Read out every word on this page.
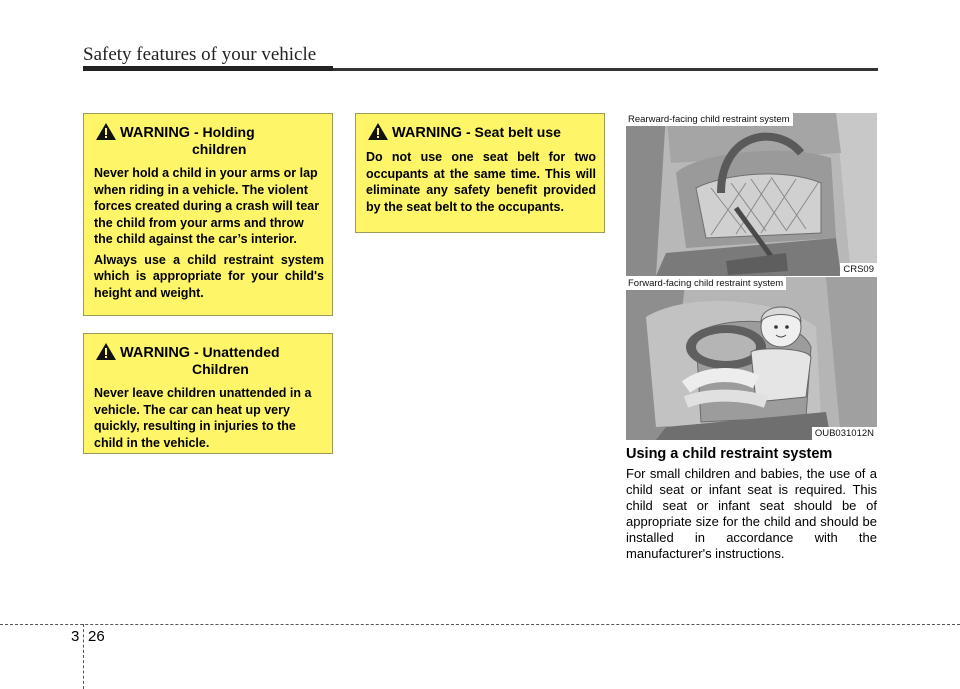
Safety features of your vehicle
WARNING - Holding
children

Never hold a child in your arms or lap when riding in a vehicle. The violent forces created during a crash will tear the child from your arms and throw the child against the car’s interior.

Always use a child restraint system which is appropriate for your child's height and weight.

WARNING - Unattended
Children

Never leave children unattended in a vehicle. The car can heat up very quickly, resulting in injuries to the child in the vehicle.

WARNING - Seat belt use

Do not use one seat belt for two occupants at the same time. This will eliminate any safety benefit provided by the seat belt to the occupants.

Rearward-facing child restraint system
CRS09
Forward-facing child restraint system
OUB031012N
Using a child restraint system
For small children and babies, the use of a child seat or infant seat is required. This child seat or infant seat should be of appropriate size for the child and should be installed in accordance with the manufacturer's instructions.
3 26
